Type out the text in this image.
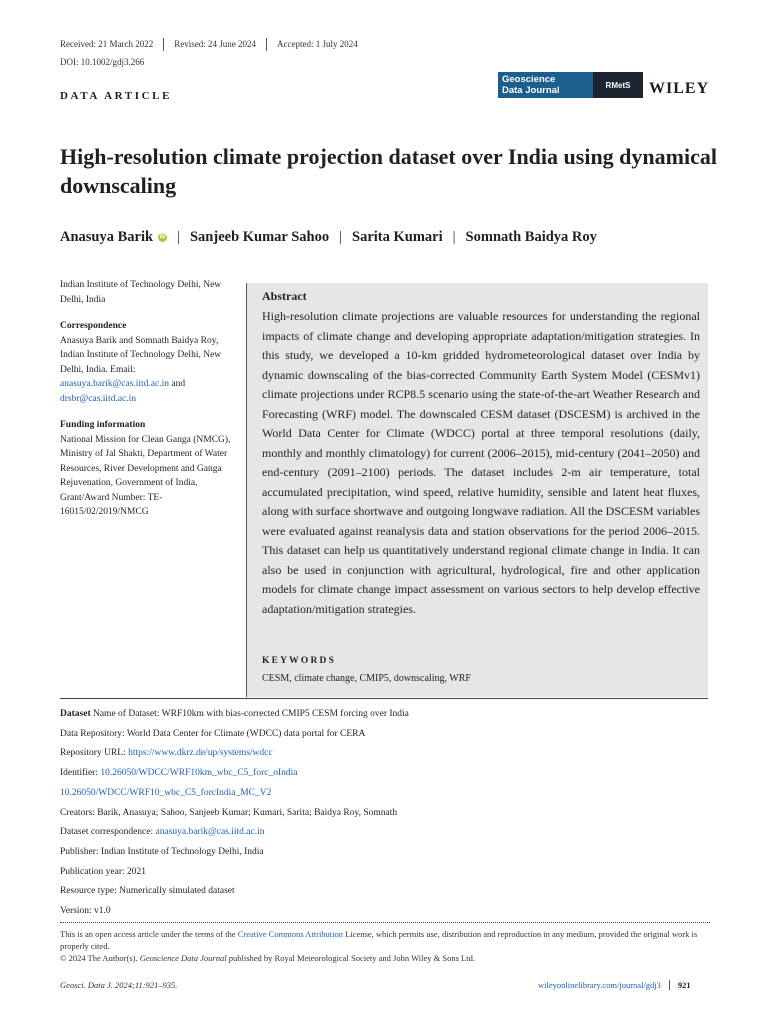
Received: 21 March 2022	Revised: 24 June 2024	Accepted: 1 July 2024
DOI: 10.1002/gdj3.266
Geoscience
Data Journal	RMetS	WILEY
DATA ARTICLE
High-resolution climate projection dataset over India using dynamical downscaling
Anasuya Barik iD | Sanjeeb Kumar Sahoo | Sarita Kumari | Somnath Baidya Roy
Indian Institute of Technology Delhi, New Delhi, India
Correspondence
Anasuya Barik and Somnath Baidya Roy, Indian Institute of Technology Delhi, New Delhi, India. Email: anasuya.barik@cas.iitd.ac.in and drsbr@cas.iitd.ac.in
Funding information
National Mission for Clean Ganga (NMCG), Ministry of Jal Shakti, Department of Water Resources, River Development and Ganga Rejuvenation, Government of India, Grant/Award Number: TE-16015/02/2019/NMCG
Abstract
High-resolution climate projections are valuable resources for understanding the regional impacts of climate change and developing appropriate adaptation/mitigation strategies. In this study, we developed a 10-km gridded hydrometeorological dataset over India by dynamic downscaling of the bias-corrected Community Earth System Model (CESMv1) climate projections under RCP8.5 scenario using the state-of-the-art Weather Research and Forecasting (WRF) model. The downscaled CESM dataset (DSCESM) is archived in the World Data Center for Climate (WDCC) portal at three temporal resolutions (daily, monthly and monthly climatology) for current (2006–2015), mid-century (2041–2050) and end-century (2091–2100) periods. The dataset includes 2-m air temperature, total accumulated precipitation, wind speed, relative humidity, sensible and latent heat fluxes, along with surface shortwave and outgoing longwave radiation. All the DSCESM variables were evaluated against reanalysis data and station observations for the period 2006–2015. This dataset can help us quantitatively understand regional climate change in India. It can also be used in conjunction with agricultural, hydrological, fire and other application models for climate change impact assessment on various sectors to help develop effective adaptation/mitigation strategies.
KEYWORDS
CESM, climate change, CMIP5, downscaling, WRF
Dataset Name of Dataset: WRF10km with bias-corrected CMIP5 CESM forcing over India
Data Repository: World Data Center for Climate (WDCC) data portal for CERA
Repository URL: https://www.dkrz.de/up/systems/wdcc
Identifier: 10.26050/WDCC/WRF10km_wbc_C5_forc_oIndia
10.26050/WDCC/WRF10_wbc_C5_forcIndia_MC_V2
Creators: Barik, Anasuya; Sahoo, Sanjeeb Kumar; Kumari, Sarita; Baidya Roy, Somnath
Dataset correspondence: anasuya.barik@cas.iitd.ac.in
Publisher: Indian Institute of Technology Delhi, India
Publication year: 2021
Resource type: Numerically simulated dataset
Version: v1.0
This is an open access article under the terms of the Creative Commons Attribution License, which permits use, distribution and reproduction in any medium, provided the original work is properly cited.
© 2024 The Author(s). Geoscience Data Journal published by Royal Meteorological Society and John Wiley & Sons Ltd.
Geosci. Data J. 2024;11:921–935.	wileyonlinelibrary.com/journal/gdj3	921
